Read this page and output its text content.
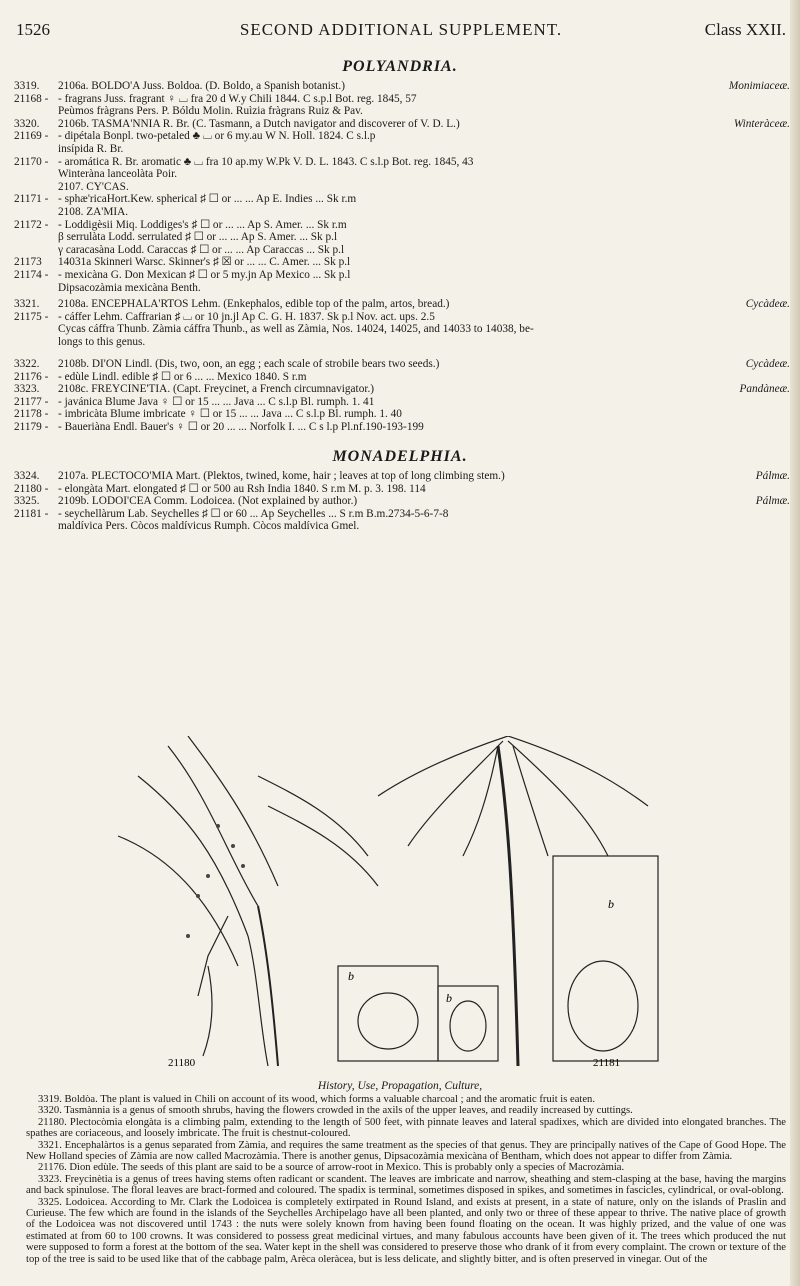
1526	SECOND ADDITIONAL SUPPLEMENT.	Class XXII.
POLYANDRIA.
3319.	2106a. BOLDO'A Juss. Boldoa. (D. Boldo, a Spanish botanist.)	Monimiaceæ.
21168 - - fragrans Juss. fragrant ♀ ⌴ fra 20 d W.y Chili 1844. C s.p.l Bot. reg. 1845, 57
Peùmos fràgrans Pers. P. Bóldu Molin. Ruìzia fràgrans Ruiz & Pav.
3320.	2106b. TASMA'NNIA R. Br. (C. Tasmann, a Dutch navigator and discoverer of V. D. L.)	Winteràceæ.
21169 - - dipétala Bonpl. two-petaled ♣ ⌴ or 6 my.au W N. Holl. 1824. C s.l.p
insípida R. Br.
21170 - - aromática R. Br. aromatic ♣ ⌴ fra 10 ap.my W.Pk V. D. L. 1843. C s.l.p Bot. reg. 1845, 43
Winteràna lanceolàta Poir.
2107. CY'CAS.
21171 - - sphæ'ricaHort.Kew. spherical ♯ ☐ or ... ... Ap E. Indies ... Sk r.m
2108. ZA'MIA.
21172 - - Loddigèsii Miq. Loddiges's ♯ ☐ or ... ... Ap S. Amer. ... Sk r.m
β serrulàta Lodd. serrulated ♯ ☐ or ... ... Ap S. Amer. ... Sk p.l
γ caracasàna Lodd. Caraccas ♯ ☐ or ... ... Ap Caraccas ... Sk p.l
21173	14031a Skinneri Warsc. Skinner's ♯ ☒ or ... ... C. Amer. ... Sk p.l
21174 - - mexicàna G. Don Mexican ♯ ☐ or 5 my.jn Ap Mexico ... Sk p.l
Dipsacozàmia mexicàna Benth.
3321.	2108a. ENCEPHALA'RTOS Lehm. (Enkephalos, edible top of the palm, artos, bread.)	Cycàdeæ.
21175 - - cáffer Lehm. Caffrarian ♯ ⌴ or 10 jn.jl Ap C. G. H. 1837. Sk p.l Nov. act. ups. 2.5
Cycas cáffra Thunb. Zàmia cáffra Thunb., as well as Zàmia, Nos. 14024, 14025, and 14033 to 14038, be-
longs to this genus.
3322.	2108b. DI'ON Lindl. (Dis, two, oon, an egg ; each scale of strobile bears two seeds.)	Cycàdeæ.
21176 - - edùle Lindl. edible ♯ ☐ or 6 ... ... Mexico 1840. S r.m
3323.	2108c. FREYCINE'TIA. (Capt. Freycinet, a French circumnavigator.)	Pandàneæ.
21177 - - javánica Blume Java ♀ ☐ or 15 ... ... Java ... C s.l.p Bl. rumph. 1. 41
21178 - - imbricàta Blume imbricate ♀ ☐ or 15 ... ... Java ... C s.l.p Bl. rumph. 1. 40
21179 - - Baueriàna Endl. Bauer's ♀ ☐ or 20 ... ... Norfolk I. ... C s l.p Pl.nf.190-193-199
MONADELPHIA.
3324.	2107a. PLECTOCO'MIA Mart. (Plektos, twined, kome, hair ; leaves at top of long climbing stem.)	Pálmæ.
21180 - - elongàta Mart. elongated ♯ ☐ or 500 au Rsh India 1840. S r.m M. p. 3. 198. 114
3325.	2109b. LODOI'CEA Comm. Lodoicea. (Not explained by author.)	Pálmæ.
21181 - - seychellàrum Lab. Seychelles ♯ ☐ or 60 ... Ap Seychelles ... S r.m B.m.2734-5-6-7-8
maldívica Pers. Còcos maldívicus Rumph. Còcos maldívica Gmel.
21180	21181
b
b
b
History, Use, Propagation, Culture,

3319. Boldòa. The plant is valued in Chili on account of its wood, which forms a valuable charcoal ; and the aromatic fruit is eaten.

3320. Tasmànnia is a genus of smooth shrubs, having the flowers crowded in the axils of the upper leaves, and readily increased by cuttings.

21180. Plectocòmia elongàta is a climbing palm, extending to the length of 500 feet, with pinnate leaves and lateral spadixes, which are divided into elongated branches. The spathes are coriaceous, and loosely imbricate. The fruit is chestnut-coloured.

3321. Encephalàrtos is a genus separated from Zàmia, and requires the same treatment as the species of that genus. They are principally natives of the Cape of Good Hope. The New Holland species of Zàmia are now called Macrozàmia. There is another genus, Dipsacozàmia mexicàna of Bentham, which does not appear to differ from Zàmia.

21176. Dìon edùle. The seeds of this plant are said to be a source of arrow-root in Mexico. This is probably only a species of Macrozàmia.

3323. Freycinètia is a genus of trees having stems often radicant or scandent. The leaves are imbricate and narrow, sheathing and stem-clasping at the base, having the margins and back spinulose. The floral leaves are bract-formed and coloured. The spadix is terminal, sometimes disposed in spikes, and sometimes in fascicles, cylindrical, or oval-oblong.

3325. Lodoìcea. According to Mr. Clark the Lodoìcea is completely extirpated in Round Island, and exists at present, in a state of nature, only on the islands of Praslin and Curieuse. The few which are found in the islands of the Seychelles Archipelago have all been planted, and only two or three of these appear to thrive. The native place of growth of the Lodoìcea was not discovered until 1743 : the nuts were solely known from having been found floating on the ocean. It was highly prized, and the value of one was estimated at from 60 to 100 crowns. It was considered to possess great medicinal virtues, and many fabulous accounts have been given of it. The trees which produced the nut were supposed to form a forest at the bottom of the sea. Water kept in the shell was considered to preserve those who drank of it from every complaint. The crown or texture of the top of the tree is said to be used like that of the cabbage palm, Arèca oleràcea, but is less delicate, and slightly bitter, and is often preserved in vinegar. Out of the
